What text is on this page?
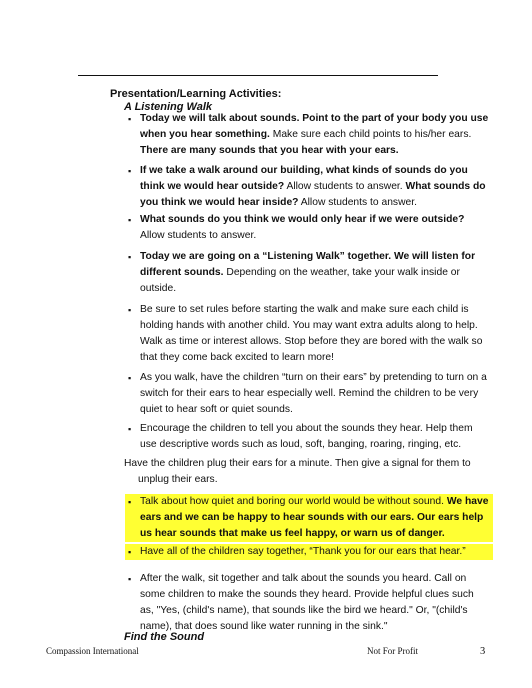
Presentation/Learning Activities:
A Listening Walk
▪ Today we will talk about sounds. Point to the part of your body you use when you hear something. Make sure each child points to his/her ears. There are many sounds that you hear with your ears.

▪ If we take a walk around our building, what kinds of sounds do you think we would hear outside? Allow students to answer. What sounds do you think we would hear inside? Allow students to answer.

▪ What sounds do you think we would only hear if we were outside? Allow students to answer.

▪ Today we are going on a “Listening Walk” together. We will listen for different sounds. Depending on the weather, take your walk inside or outside.

▪ Be sure to set rules before starting the walk and make sure each child is holding hands with another child. You may want extra adults along to help. Walk as time or interest allows. Stop before they are bored with the walk so that they come back excited to learn more!

▪ As you walk, have the children “turn on their ears” by pretending to turn on a switch for their ears to hear especially well. Remind the children to be very quiet to hear soft or quiet sounds.

▪ Encourage the children to tell you about the sounds they hear. Help them use descriptive words such as loud, soft, banging, roaring, ringing, etc.

Have the children plug their ears for a minute. Then give a signal for them to
unplug their ears.
▪ Talk about how quiet and boring our world would be without sound. We have ears and we can be happy to hear sounds with our ears. Our ears help us hear sounds that make us feel happy, or warn us of danger.

▪ Have all of the children say together, “Thank you for our ears that hear.”

▪ After the walk, sit together and talk about the sounds you heard. Call on some children to make the sounds they heard. Provide helpful clues such as, "Yes, (child's name), that sounds like the bird we heard." Or, "(child's name), that does sound like water running in the sink."

Find the Sound
Compassion International	Not For Profit	3
